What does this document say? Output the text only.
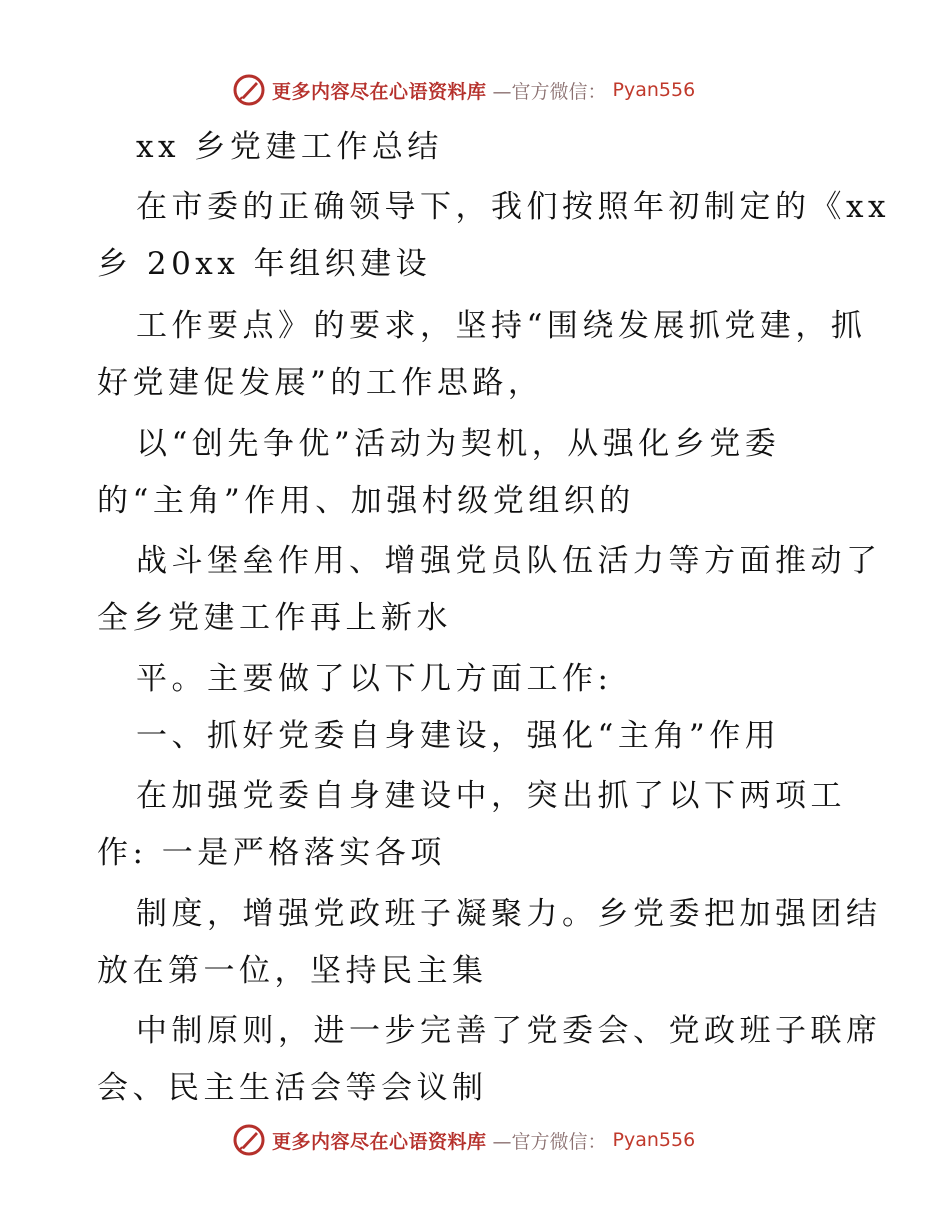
更多内容尽在心语资料库 —官方微信： Pyan556
xx 乡党建工作总结
在市委的正确领导下，我们按照年初制定的《xx
乡 20xx 年组织建设
工作要点》的要求，坚持“围绕发展抓党建，抓
好党建促发展”的工作思路，
以“创先争优”活动为契机，从强化乡党委
的“主角”作用、加强村级党组织的
战斗堡垒作用、增强党员队伍活力等方面推动了
全乡党建工作再上新水
平。主要做了以下几方面工作:
一、抓好党委自身建设，强化“主角”作用
在加强党委自身建设中，突出抓了以下两项工
作: 一是严格落实各项
制度，增强党政班子凝聚力。乡党委把加强团结
放在第一位，坚持民主集
中制原则，进一步完善了党委会、党政班子联席
会、民主生活会等会议制
更多内容尽在心语资料库 —官方微信： Pyan556
